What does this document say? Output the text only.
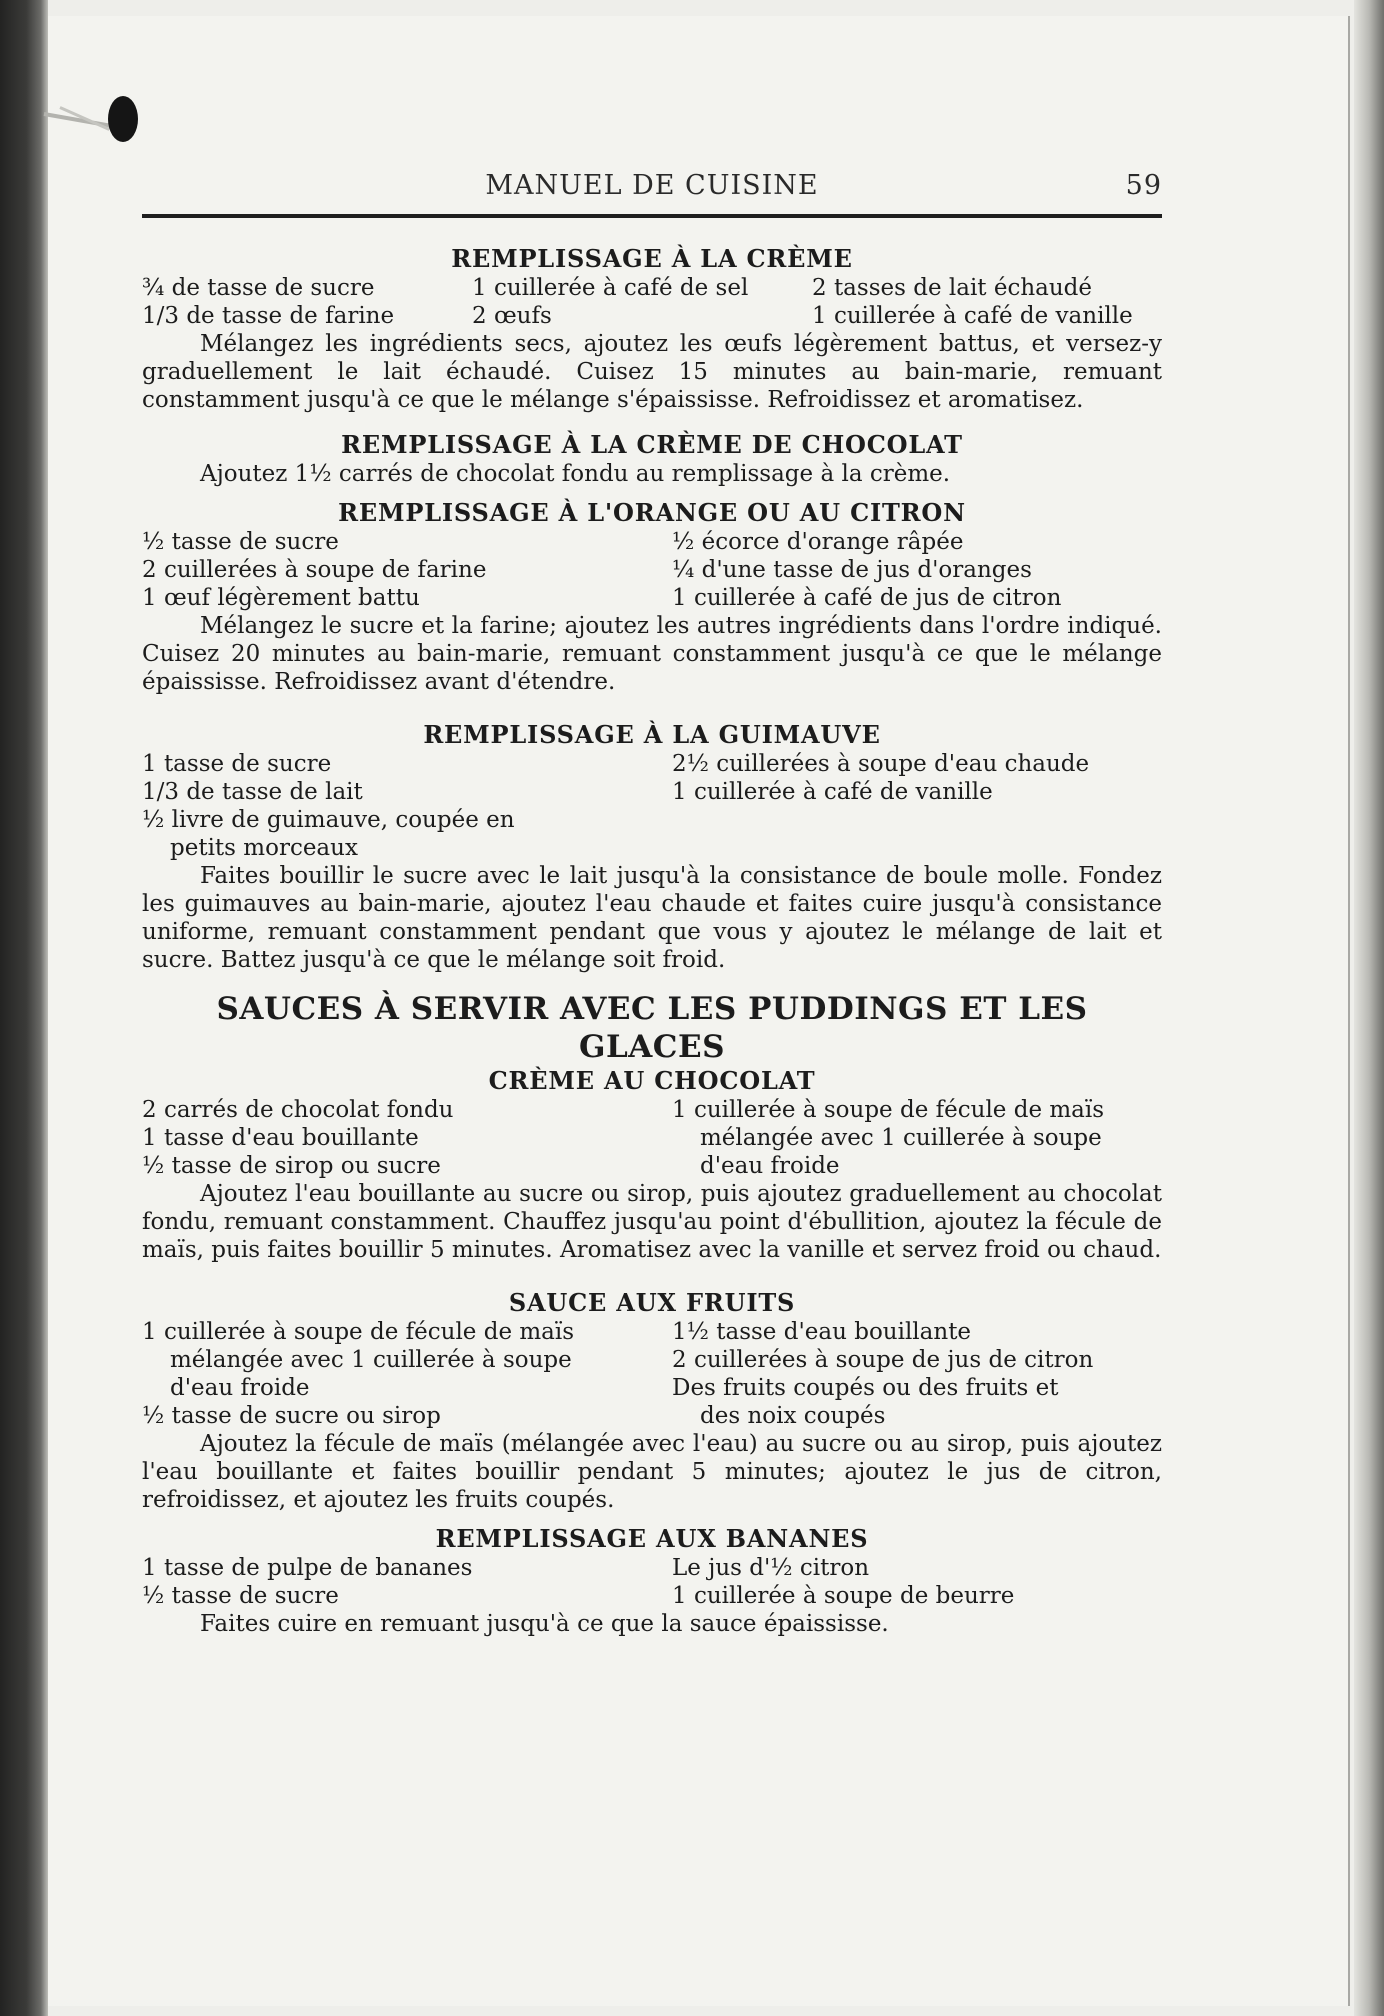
MANUEL DE CUISINE	59
REMPLISSAGE À LA CRÈME
¾ de tasse de sucre	1 cuillerée à café de sel	2 tasses de lait échaudé
1/3 de tasse de farine	2 œufs	1 cuillerée à café de vanille

Mélangez les ingrédients secs, ajoutez les œufs légèrement battus, et versez-y graduellement le lait échaudé. Cuisez 15 minutes au bain-marie, remuant constamment jusqu'à ce que le mélange s'épaississe. Refroidissez et aromatisez.

REMPLISSAGE À LA CRÈME DE CHOCOLAT

Ajoutez 1½ carrés de chocolat fondu au remplissage à la crème.

REMPLISSAGE À L'ORANGE OU AU CITRON
½ tasse de sucre	½ écorce d'orange râpée
2 cuillerées à soupe de farine	¼ d'une tasse de jus d'oranges
1 œuf légèrement battu	1 cuillerée à café de jus de citron

Mélangez le sucre et la farine; ajoutez les autres ingrédients dans l'ordre indiqué. Cuisez 20 minutes au bain-marie, remuant constamment jusqu'à ce que le mélange épaississe. Refroidissez avant d'étendre.

REMPLISSAGE À LA GUIMAUVE
1 tasse de sucre	2½ cuillerées à soupe d'eau chaude
1/3 de tasse de lait	1 cuillerée à café de vanille
½ livre de guimauve, coupée en
petits morceaux

Faites bouillir le sucre avec le lait jusqu'à la consistance de boule molle. Fondez les guimauves au bain-marie, ajoutez l'eau chaude et faites cuire jusqu'à consistance uniforme, remuant constamment pendant que vous y ajoutez le mélange de lait et sucre. Battez jusqu'à ce que le mélange soit froid.

SAUCES À SERVIR AVEC LES PUDDINGS ET LES GLACES
CRÈME AU CHOCOLAT
2 carrés de chocolat fondu	1 cuillerée à soupe de fécule de maïs
1 tasse d'eau bouillante	mélangée avec 1 cuillerée à soupe
½ tasse de sirop ou sucre	d'eau froide

Ajoutez l'eau bouillante au sucre ou sirop, puis ajoutez graduellement au chocolat fondu, remuant constamment. Chauffez jusqu'au point d'ébullition, ajoutez la fécule de maïs, puis faites bouillir 5 minutes. Aromatisez avec la vanille et servez froid ou chaud.

SAUCE AUX FRUITS
1 cuillerée à soupe de fécule de maïs	1½ tasse d'eau bouillante
mélangée avec 1 cuillerée à soupe	2 cuillerées à soupe de jus de citron
d'eau froide	Des fruits coupés ou des fruits et
½ tasse de sucre ou sirop	des noix coupés

Ajoutez la fécule de maïs (mélangée avec l'eau) au sucre ou au sirop, puis ajoutez l'eau bouillante et faites bouillir pendant 5 minutes; ajoutez le jus de citron, refroidissez, et ajoutez les fruits coupés.

REMPLISSAGE AUX BANANES
1 tasse de pulpe de bananes	Le jus d'½ citron
½ tasse de sucre	1 cuillerée à soupe de beurre

Faites cuire en remuant jusqu'à ce que la sauce épaississe.
